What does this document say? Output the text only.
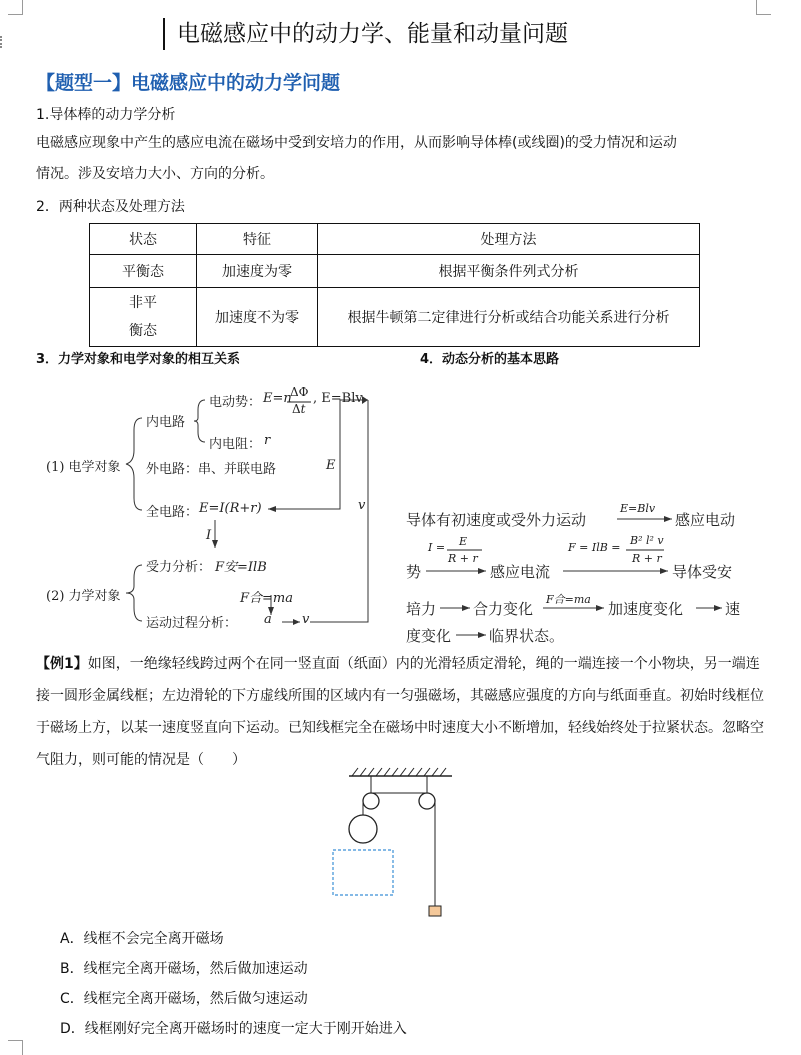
电磁感应中的动力学、能量和动量问题
【题型一】电磁感应中的动力学问题
1.导体棒的动力学分析
电磁感应现象中产生的感应电流在磁场中受到安培力的作用，从而影响导体棒(或线圈)的受力情况和运动
情况。涉及安培力大小、方向的分析。
2．两种状态及处理方法
状态	特征	处理方法
平衡态	加速度为零	根据平衡条件列式分析

非平
衡态	加速度不为零	根据牛顿第二定律进行分析或结合功能关系进行分析
3．力学对象和电学对象的相互关系	4．动态分析的基本思路
(1) 电学对象
内电路
电动势： E=n
ΔΦ
Δt
, E=Blv
内电阻： r
外电路：串、并联电路	E
全电路： E=I(R+r)	v
I
(2) 力学对象
受力分析： F安=IlB
F合=ma
运动过程分析： a v
导体有初速度或受外力运动
E=Blv
感应电动
势
I = E
R + r
感应电流
F = IlB =
B² l² v
R + r
导体受安
培力 合力变化
F合=ma
加速度变化	速
度变化	临界状态。
【例1】如图，一绝缘轻线跨过两个在同一竖直面（纸面）内的光滑轻质定滑轮，绳的一端连接一个小物块，另一端连接一圆形金属线框；左边滑轮的下方虚线所围的区域内有一匀强磁场，其磁感应强度的方向与纸面垂直。初始时线框位于磁场上方，以某一速度竖直向下运动。已知线框完全在磁场中时速度大小不断增加，轻线始终处于拉紧状态。忽略空气阻力，则可能的情况是（　　）
A．线框不会完全离开磁场
B．线框完全离开磁场，然后做加速运动
C．线框完全离开磁场，然后做匀速运动
D．线框刚好完全离开磁场时的速度一定大于刚开始进入
